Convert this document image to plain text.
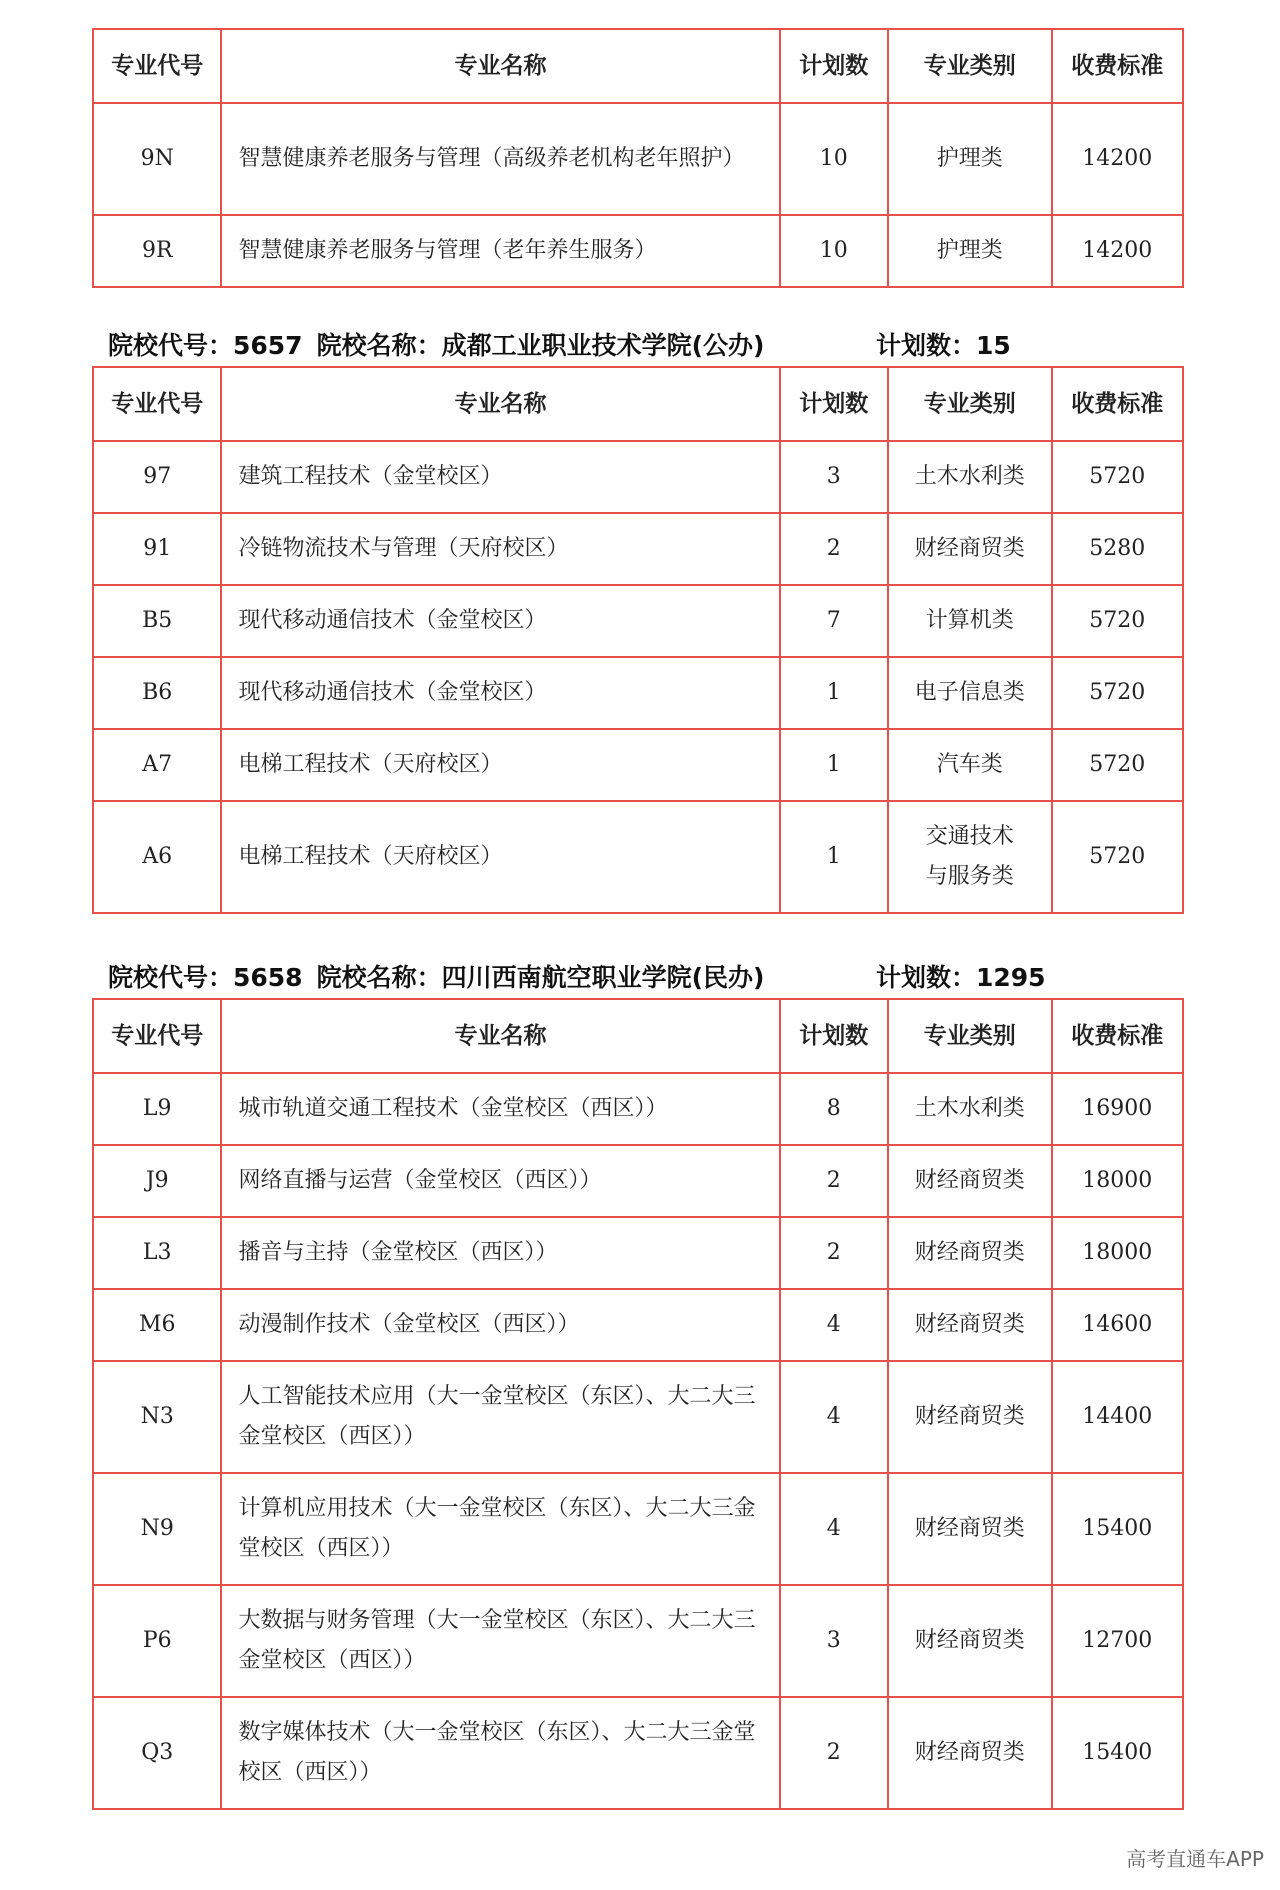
专业代号	专业名称	计划数	专业类别	收费标准
9N	智慧健康养老服务与管理（高级养老机构老年照护）	10	护理类	14200
9R	智慧健康养老服务与管理（老年养生服务）	10	护理类	14200
院校代号：5657 院校名称：成都工业职业技术学院(公办)	计划数：15
专业代号	专业名称	计划数	专业类别	收费标准
97	建筑工程技术（金堂校区）	3	土木水利类	5720
91	冷链物流技术与管理（天府校区）	2	财经商贸类	5280
B5	现代移动通信技术（金堂校区）	7	计算机类	5720
B6	现代移动通信技术（金堂校区）	1	电子信息类	5720
A7	电梯工程技术（天府校区）	1	汽车类	5720
A6	电梯工程技术（天府校区）	1	交通技术与服务类	5720
院校代号：5658 院校名称：四川西南航空职业学院(民办)	计划数：1295
专业代号	专业名称	计划数	专业类别	收费标准
L9	城市轨道交通工程技术（金堂校区（西区））	8	土木水利类	16900
J9	网络直播与运营（金堂校区（西区））	2	财经商贸类	18000
L3	播音与主持（金堂校区（西区））	2	财经商贸类	18000
M6	动漫制作技术（金堂校区（西区））	4	财经商贸类	14600
N3	人工智能技术应用（大一金堂校区（东区）、大二大三金堂校区（西区））	4	财经商贸类	14400
N9	计算机应用技术（大一金堂校区（东区）、大二大三金堂校区（西区））	4	财经商贸类	15400
P6	大数据与财务管理（大一金堂校区（东区）、大二大三金堂校区（西区））	3	财经商贸类	12700
Q3	数字媒体技术（大一金堂校区（东区）、大二大三金堂校区（西区））	2	财经商贸类	15400
高考直通车APP
